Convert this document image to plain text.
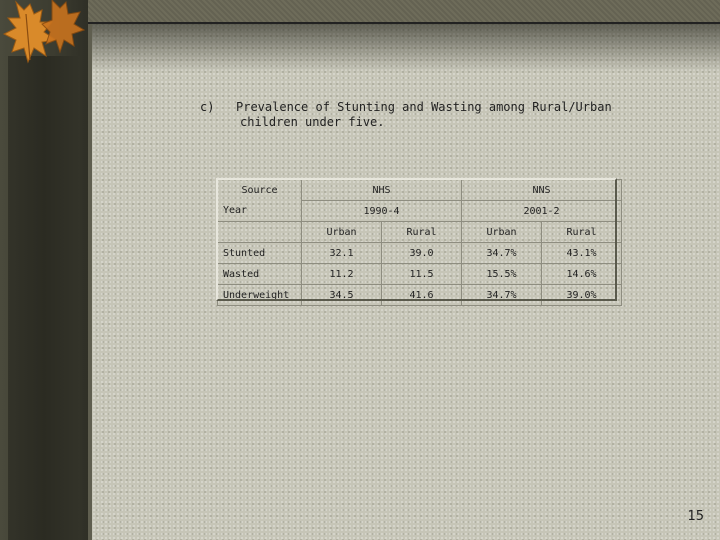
c) Prevalence of Stunting and Wasting among Rural/Urban
children under five.
Source	NHS		NNS	
Year	1990-4		2001-2	
	Urban	Rural	Urban	Rural
Stunted	32.1	39.0	34.7%	43.1%
Wasted	11.2	11.5	15.5%	14.6%
Underweight	34.5	41.6	34.7%	39.0%
15
